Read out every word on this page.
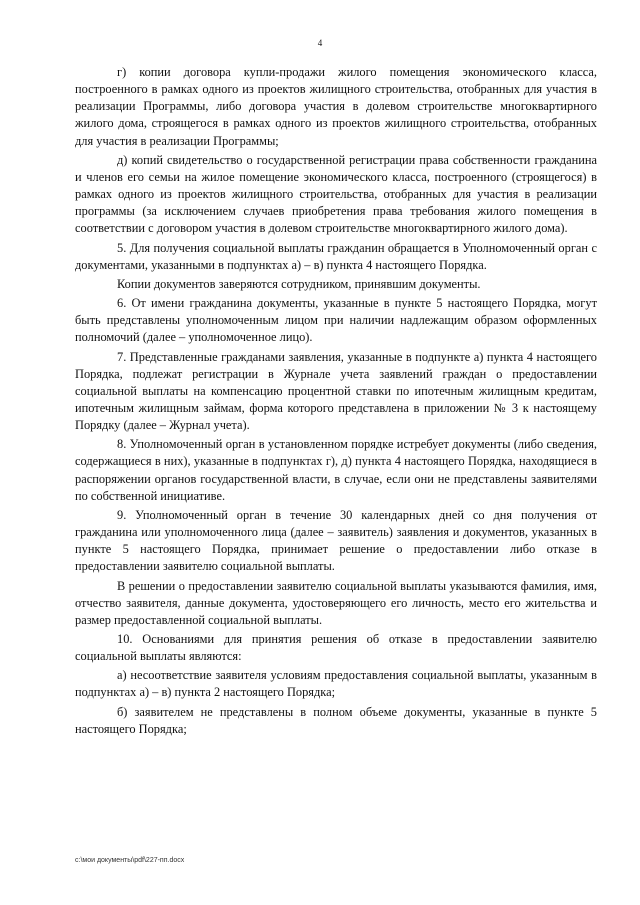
4

г) копии договора купли-продажи жилого помещения экономического класса, построенного в рамках одного из проектов жилищного строительства, отобранных для участия в реализации Программы, либо договора участия в долевом строительстве многоквартирного жилого дома, строящегося в рамках одного из проектов жилищного строительства, отобранных для участия в реализации Программы;

д) копий свидетельство о государственной регистрации права собственности гражданина и членов его семьи на жилое помещение экономического класса, построенного (строящегося) в рамках одного из проектов жилищного строительства, отобранных для участия в реализации программы (за исключением случаев приобретения права требования жилого помещения в соответствии с договором участия в долевом строительстве многоквартирного жилого дома).

5. Для получения социальной выплаты гражданин обращается в Уполномоченный орган с документами, указанными в подпунктах а) – в) пункта 4 настоящего Порядка.

Копии документов заверяются сотрудником, принявшим документы.

6. От имени гражданина документы, указанные в пункте 5 настоящего Порядка, могут быть представлены уполномоченным лицом при наличии надлежащим образом оформленных полномочий (далее – уполномоченное лицо).

7. Представленные гражданами заявления, указанные в подпункте а) пункта 4 настоящего Порядка, подлежат регистрации в Журнале учета заявлений граждан о предоставлении социальной выплаты на компенсацию процентной ставки по ипотечным жилищным кредитам, ипотечным жилищным займам, форма которого представлена в приложении № 3 к настоящему Порядку (далее – Журнал учета).

8. Уполномоченный орган в установленном порядке истребует документы (либо сведения, содержащиеся в них), указанные в подпунктах г), д) пункта 4 настоящего Порядка, находящиеся в распоряжении органов государственной власти, в случае, если они не представлены заявителями по собственной инициативе.

9. Уполномоченный орган в течение 30 календарных дней со дня получения от гражданина или уполномоченного лица (далее – заявитель) заявления и документов, указанных в пункте 5 настоящего Порядка, принимает решение о предоставлении либо отказе в предоставлении заявителю социальной выплаты.

В решении о предоставлении заявителю социальной выплаты указываются фамилия, имя, отчество заявителя, данные документа, удостоверяющего его личность, место его жительства и размер предоставленной социальной выплаты.

10. Основаниями для принятия решения об отказе в предоставлении заявителю социальной выплаты являются:

а) несоответствие заявителя условиям предоставления социальной выплаты, указанным в подпунктах а) – в) пункта 2 настоящего Порядка;

б) заявителем не представлены в полном объеме документы, указанные в пункте 5 настоящего Порядка;

c:\мои документы\pdf\227-пп.docx
